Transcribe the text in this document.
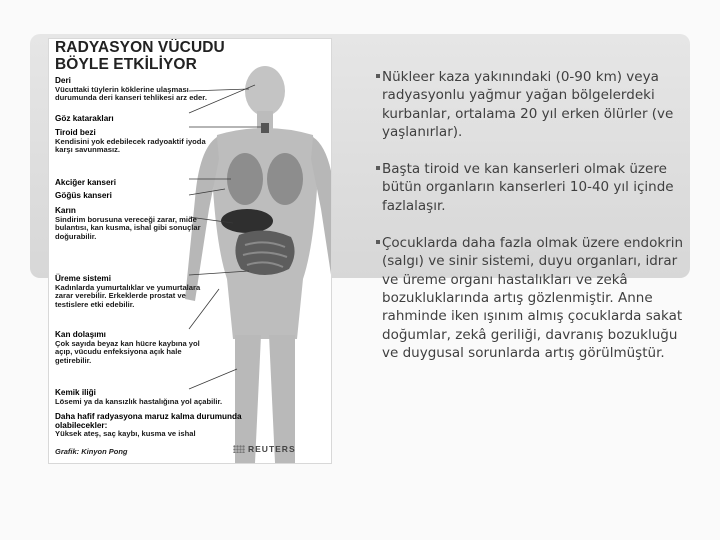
RADYASYON VÜCUDU
BÖYLE ETKİLİYOR
Deri
Vücuttaki tüylerin köklerine ulaşması durumunda deri kanseri tehlikesi arz eder.
Göz katarakları
Tiroid bezi
Kendisini yok edebilecek radyoaktif iyoda karşı savunmasız.
Akciğer kanseri
Göğüs kanseri
Karın
Sindirim borusuna vereceği zarar, mide bulantısı, kan kusma, ishal gibi sonuçlar doğurabilir.
Üreme sistemi
Kadınlarda yumurtalıklar ve yumurtalara zarar verebilir. Erkeklerde prostat ve testislere etki edebilir.
Kan dolaşımı
Çok sayıda beyaz kan hücre kaybına yol açıp, vücudu enfeksiyona açık hale getirebilir.
Kemik iliği
Lösemi ya da kansızlık hastalığına yol açabilir.
Daha hafif radyasyona maruz kalma durumunda olabilecekler:
Yüksek ateş, saç kaybı, kusma ve ishal
Grafik: Kinyon Pong	REUTERS
Nükleer kaza yakınındaki (0-90 km) veya radyasyonlu yağmur yağan bölgelerdeki kurbanlar, ortalama 20 yıl erken ölürler (ve yaşlanırlar).
Başta tiroid ve kan kanserleri olmak üzere bütün organların kanserleri 10-40 yıl içinde fazlalaşır.
Çocuklarda daha fazla olmak üzere endokrin (salgı) ve sinir sistemi, duyu organları, idrar ve üreme organı hastalıkları ve zekâ bozukluklarında artış gözlenmiştir. Anne rahminde iken ışınım almış çocuklarda sakat doğumlar, zekâ geriliği, davranış bozukluğu ve duygusal sorunlarda artış görülmüştür.
